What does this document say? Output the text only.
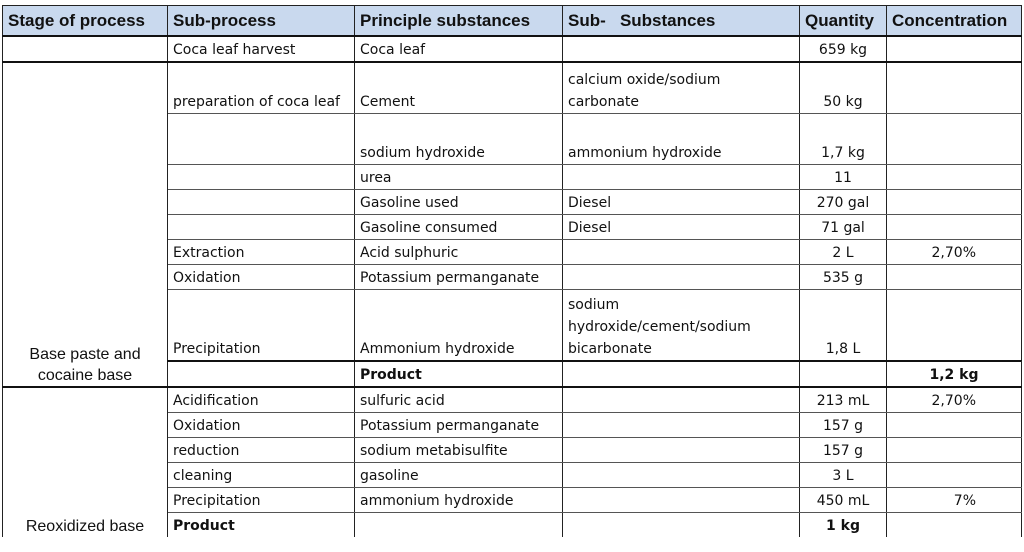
Stage of process	Sub-process	Principle substances	Sub-   Substances	Quantity	Concentration	
	Coca leaf harvest	Coca leaf		659 kg		
Base paste and cocaine base	preparation of coca leaf	Cement	calcium oxide/sodium carbonate	50 kg		
		sodium hydroxide	ammonium hydroxide	1,7 kg		
		urea		11		
		Gasoline used	Diesel	270 gal		
		Gasoline consumed	Diesel	71 gal		
	Extraction	Acid sulphuric		2 L	2,70%	
	Oxidation	Potassium permanganate		535 g		
	Precipitation	Ammonium hydroxide	sodium hydroxide/cement/sodium bicarbonate	1,8 L		
		Product			1,2 kg	
Reoxidized base	Acidification	sulfuric acid		213 mL	2,70%	
	Oxidation	Potassium permanganate		157 g		
	reduction	sodium metabisulfite		157 g		
	cleaning	gasoline		3 L		
	Precipitation	ammonium hydroxide		450 mL	7%	
	Product			1 kg		
